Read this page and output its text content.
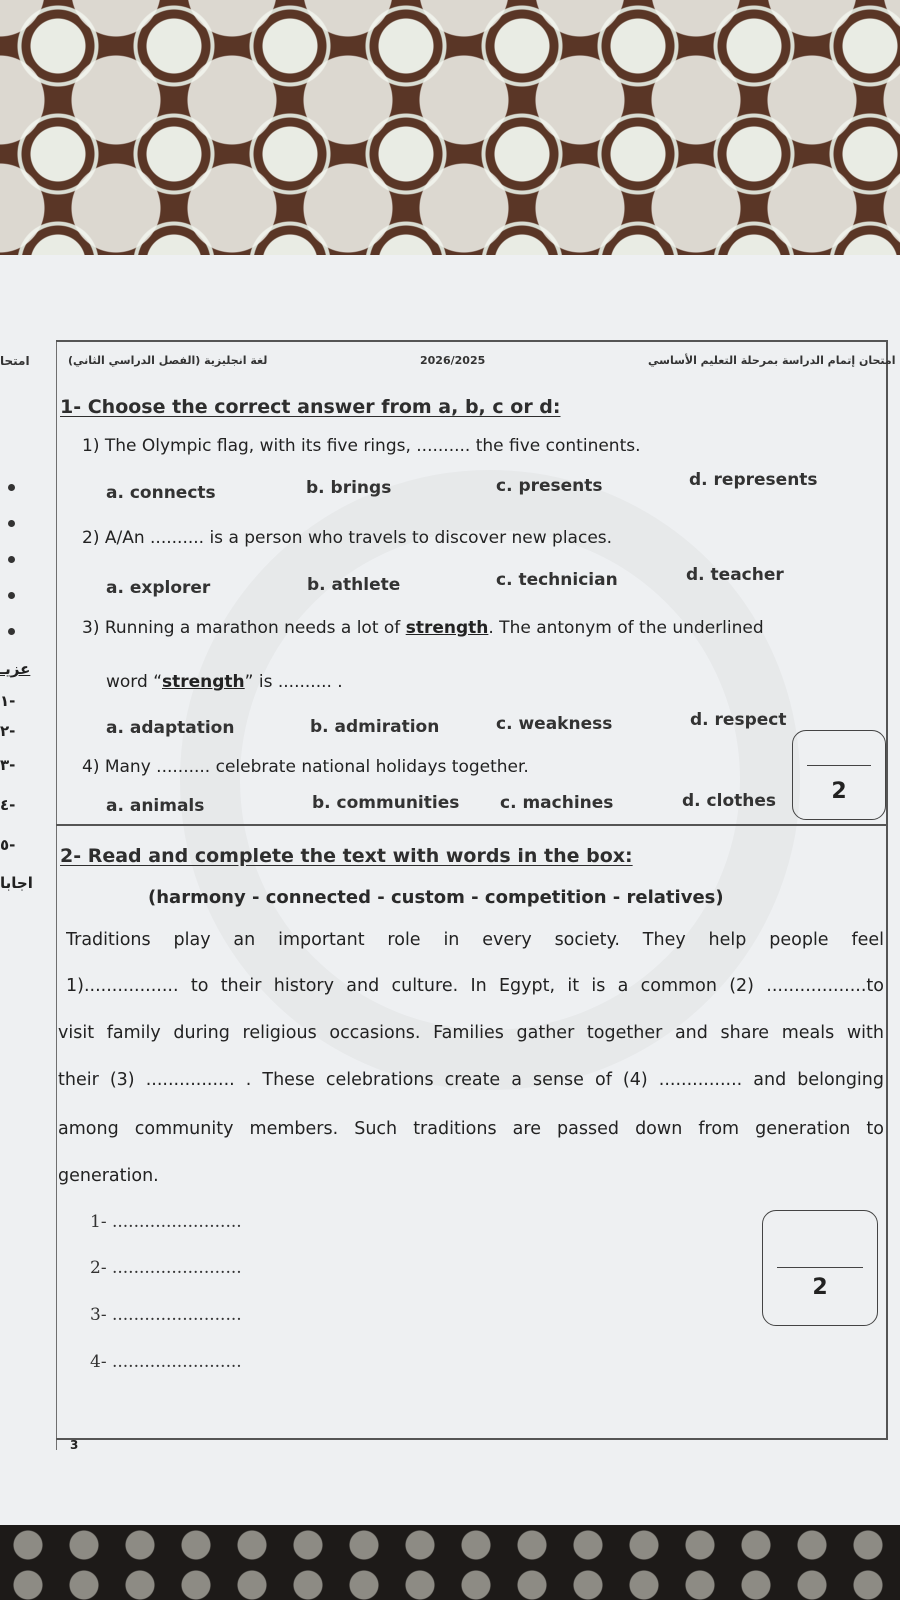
امتحا	لغة انجليزية (الفصل الدراسي الثاني)	2026/2025	امتحان إتمام الدراسة بمرحلة التعليم الأساسي
عزيـ
١-
٢-
٣-
٤-
٥-
اجابا
3
1- Choose the correct answer from a, b, c or d:
1) The Olympic flag, with its five rings, .......... the five continents.
a. connects	b. brings	c. presents	d. represents
2) A/An .......... is a person who travels to discover new places.
a. explorer	b. athlete	c. technician	d. teacher
3) Running a marathon needs a lot of strength. The antonym of the underlined
word “strength” is .......... .
a. adaptation	b. admiration	c. weakness	d. respect
4) Many .......... celebrate national holidays together.
a. animals	b. communities c. machines	d. clothes	2
2- Read and complete the text with words in the box:
(harmony - connected - custom - competition - relatives)
Traditions play an important role in every society. They help people feel
1)................. to their history and culture. In Egypt, it is a common (2) ..................to
visit family during religious occasions. Families gather together and share meals with
their (3) ................ . These celebrations create a sense of (4) ............... and belonging
among community members. Such traditions are passed down from generation to
generation.
1- ........................
2- ........................
3- ........................
4- ........................
2
